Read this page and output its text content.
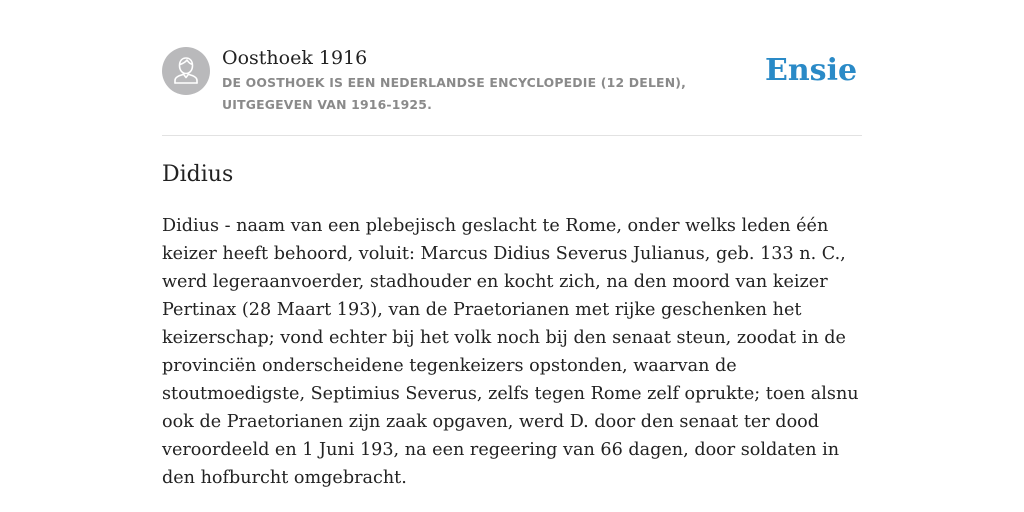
Oosthoek 1916
DE OOSTHOEK IS EEN NEDERLANDSE ENCYCLOPEDIE (12 DELEN), UITGEGEVEN VAN 1916-1925.
Ensie
Didius

Didius - naam van een plebejisch geslacht te Rome, onder welks leden één keizer heeft behoord, voluit: Marcus Didius Severus Julianus, geb. 133 n. C., werd legeraanvoerder, stadhouder en kocht zich, na den moord van keizer Pertinax (28 Maart 193), van de Praetorianen met rijke geschenken het keizerschap; vond echter bij het volk noch bij den senaat steun, zoodat in de provinciën onderscheidene tegenkeizers opstonden, waarvan de stoutmoedigste, Septimius Severus, zelfs tegen Rome zelf oprukte; toen alsnu ook de Praetorianen zijn zaak opgaven, werd D. door den senaat ter dood veroordeeld en 1 Juni 193, na een regeering van 66 dagen, door soldaten in den hofburcht omgebracht.
